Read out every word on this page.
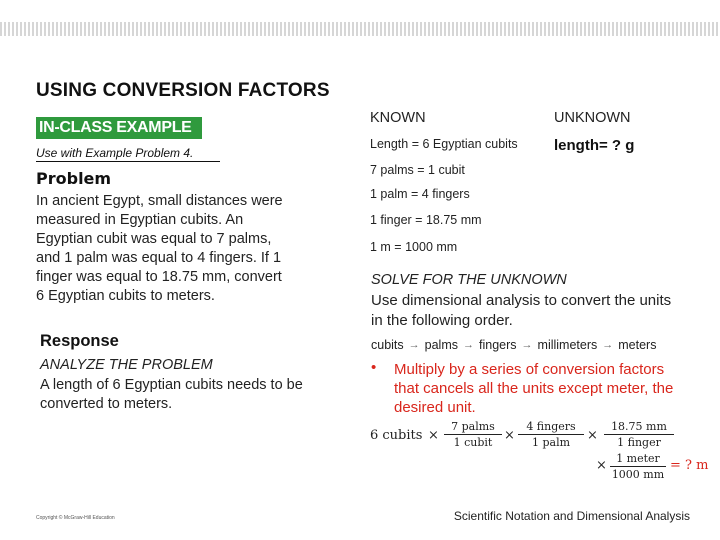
USING CONVERSION FACTORS
IN-CLASS EXAMPLE
Use with Example Problem 4.
Problem
In ancient Egypt, small distances were
measured in Egyptian cubits. An
Egyptian cubit was equal to 7 palms,
and 1 palm was equal to 4 fingers. If 1
finger was equal to 18.75 mm, convert
6 Egyptian cubits to meters.
Response
ANALYZE THE PROBLEM
A length of 6 Egyptian cubits needs to be
converted to meters.
KNOWN	UNKNOWN
Length = 6 Egyptian cubits
7 palms = 1 cubit
1 palm = 4 fingers
1 finger = 18.75 mm
1 m = 1000 mm
length= ? g
SOLVE FOR THE UNKNOWN
Use dimensional analysis to convert the units
in the following order.
cubits → palms → fingers → millimeters → meters
• Multiply by a series of conversion factors
that cancels all the units except meter, the
desired unit.
6 cubits ×
7 palms
1 cubit ×
4 fingers
1 palm	×
18.75 mm
1 finger
× 1 meter
1000 mm
= ? m
Copyright © McGraw-Hill Education	Scientific Notation and Dimensional Analysis
